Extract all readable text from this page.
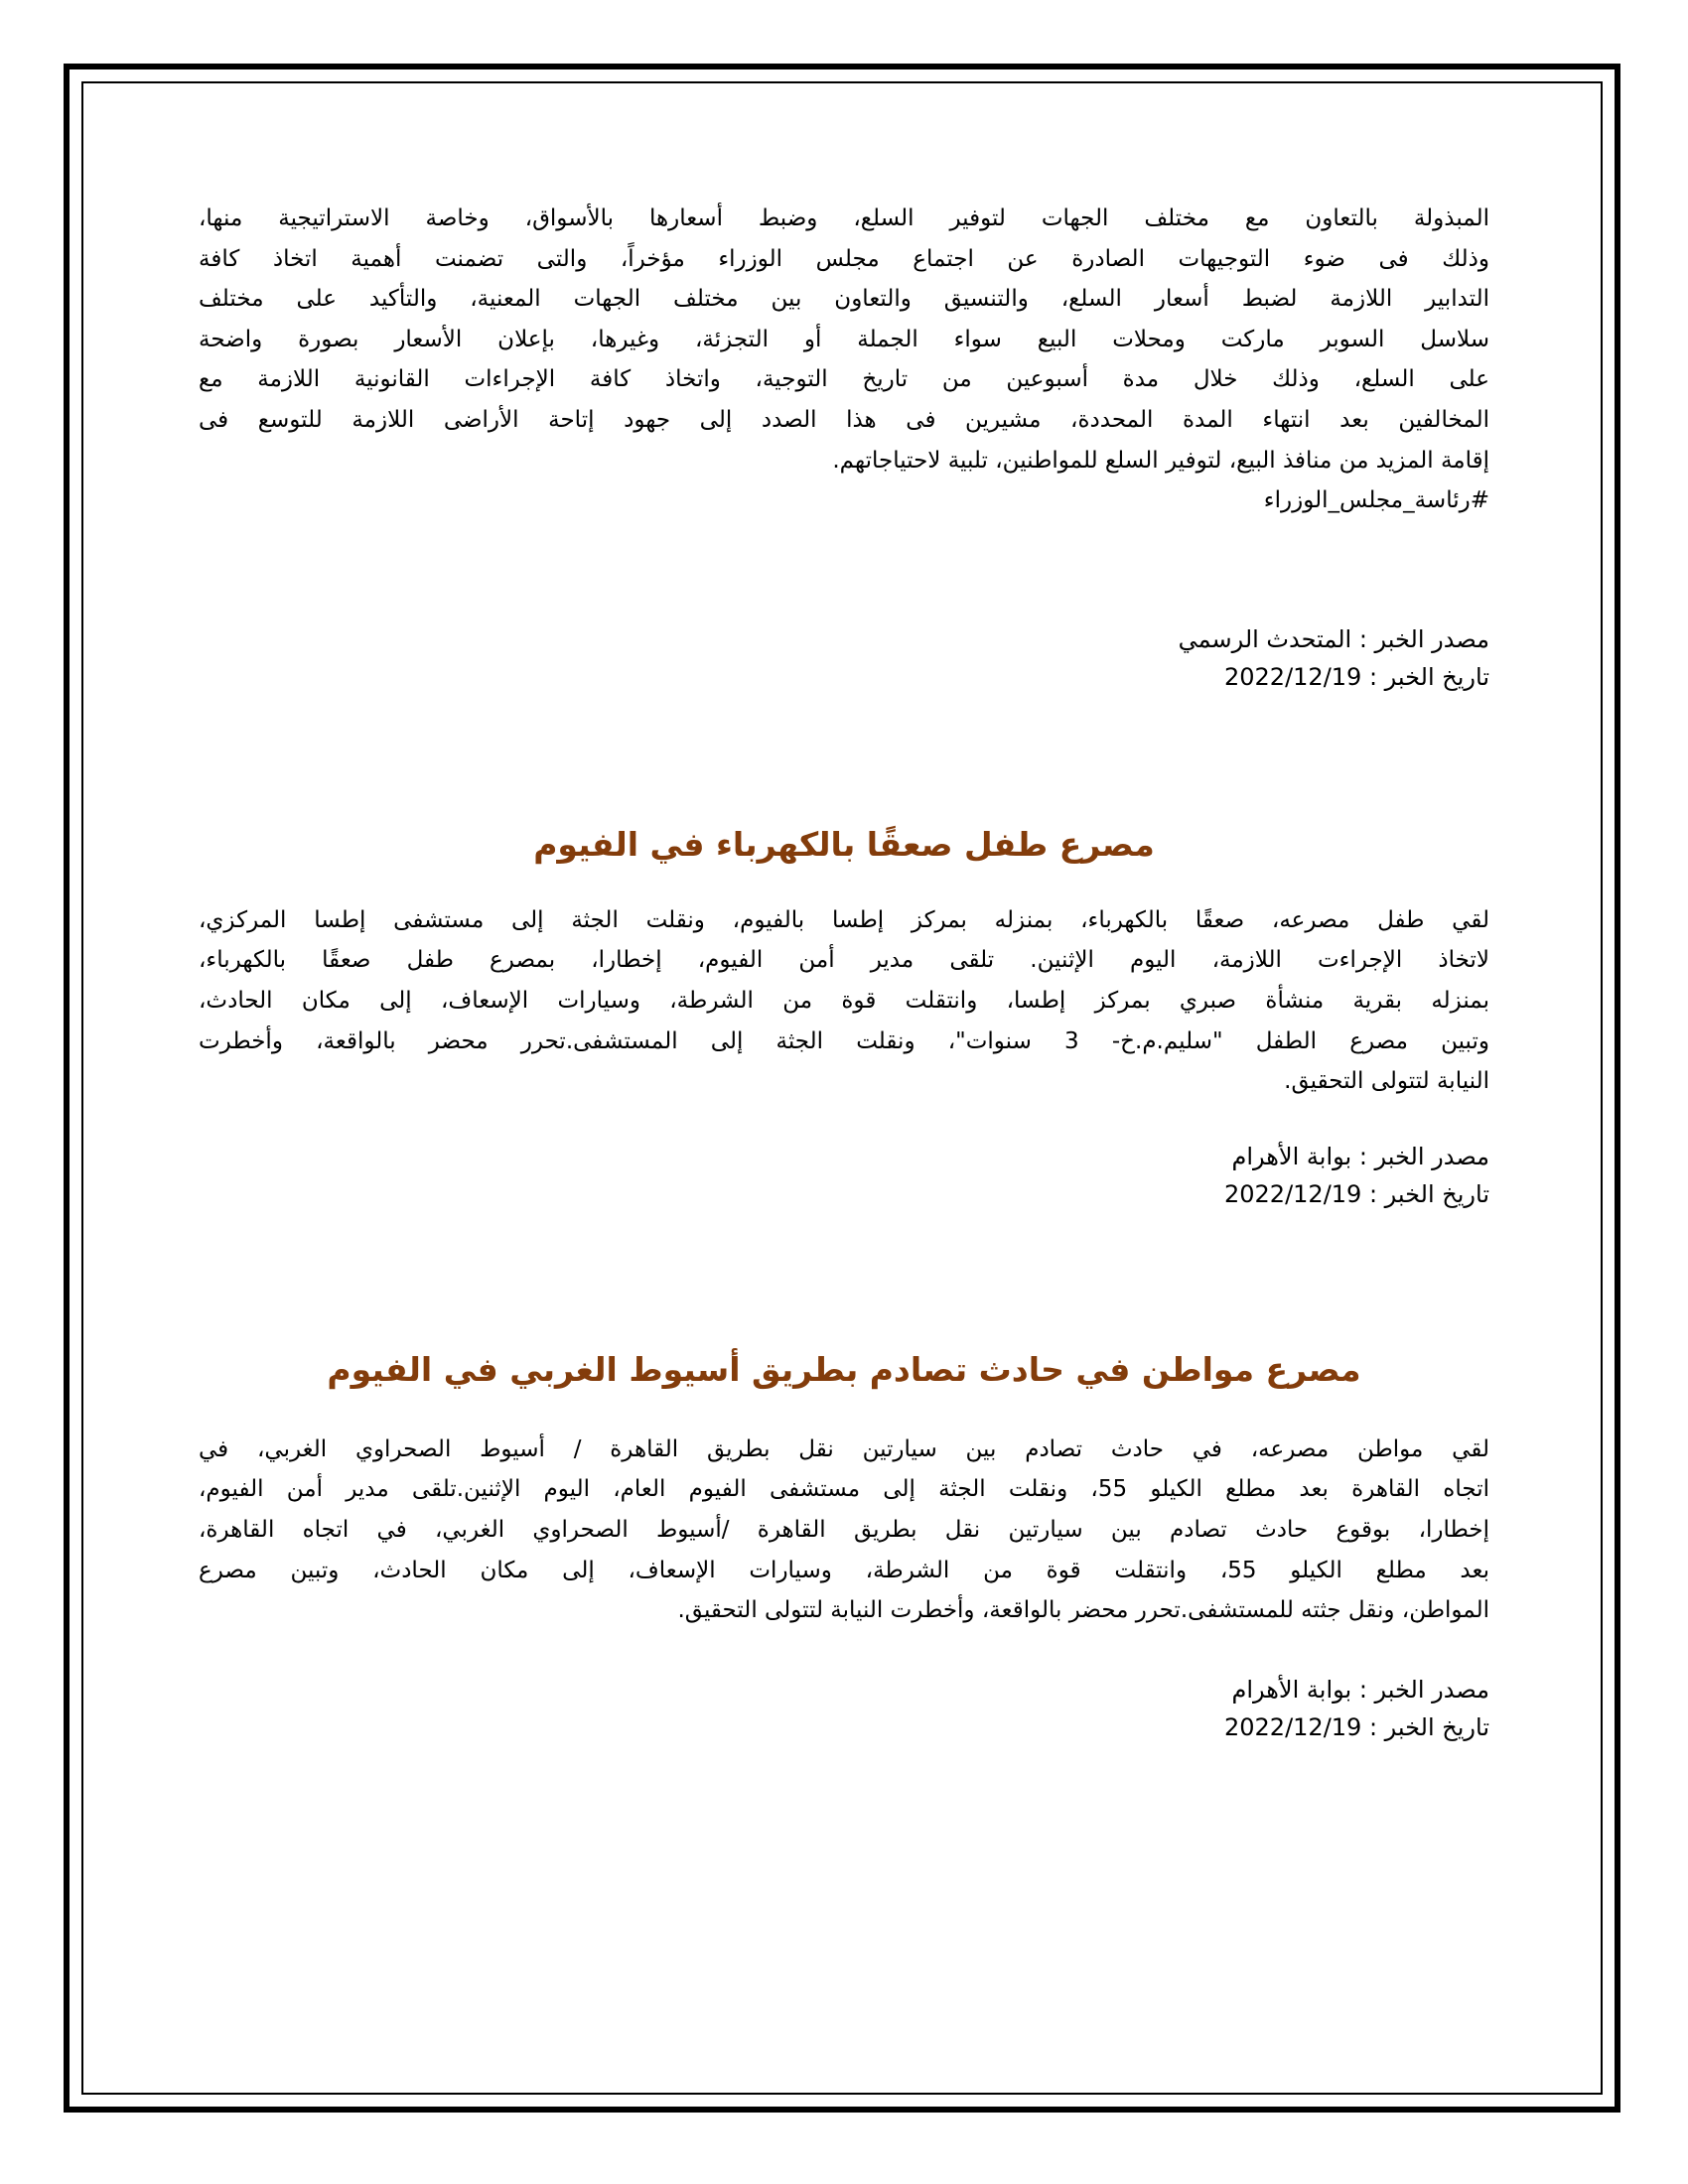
المبذولة بالتعاون مع مختلف الجهات لتوفير السلع، وضبط أسعارها بالأسواق، وخاصة الاستراتيجية منها،
وذلك فى ضوء التوجيهات الصادرة عن اجتماع مجلس الوزراء مؤخراً، والتى تضمنت أهمية اتخاذ كافة
التدابير اللازمة لضبط أسعار السلع، والتنسيق والتعاون بين مختلف الجهات المعنية، والتأكيد على مختلف
سلاسل السوبر ماركت ومحلات البيع سواء الجملة أو التجزئة، وغيرها، بإعلان الأسعار بصورة واضحة
على السلع، وذلك خلال مدة أسبوعين من تاريخ التوجية، واتخاذ كافة الإجراءات القانونية اللازمة مع
المخالفين بعد انتهاء المدة المحددة، مشيرين فى هذا الصدد إلى جهود إتاحة الأراضى اللازمة للتوسع فى
إقامة المزيد من منافذ البيع، لتوفير السلع للمواطنين، تلبية لاحتياجاتهم.
#رئاسة_مجلس_الوزراء
مصدر الخبر : المتحدث الرسمي
تاريخ الخبر : 2022/12/19
مصرع طفل صعقًا بالكهرباء في الفيوم
لقي طفل مصرعه، صعقًا بالكهرباء، بمنزله بمركز إطسا بالفيوم، ونقلت الجثة إلى مستشفى إطسا المركزي،
لاتخاذ الإجراءت اللازمة، اليوم الإثنين. تلقى مدير أمن الفيوم، إخطارا، بمصرع طفل صعقًا بالكهرباء،
بمنزله بقرية منشأة صبري بمركز إطسا، وانتقلت قوة من الشرطة، وسيارات الإسعاف، إلى مكان الحادث،
وتبين مصرع الطفل "سليم.م.خ- 3 سنوات"، ونقلت الجثة إلى المستشفى.تحرر محضر بالواقعة، وأخطرت
النيابة لتتولى التحقيق.
مصدر الخبر : بوابة الأهرام
تاريخ الخبر : 2022/12/19
مصرع مواطن في حادث تصادم بطريق أسيوط الغربي في الفيوم
لقي مواطن مصرعه، في حادث تصادم بين سيارتين نقل بطريق القاهرة / أسيوط الصحراوي الغربي، في
اتجاه القاهرة بعد مطلع الكيلو 55، ونقلت الجثة إلى مستشفى الفيوم العام، اليوم الإثنين.تلقى مدير أمن الفيوم،
إخطارا، بوقوع حادث تصادم بين سيارتين نقل بطريق القاهرة /أسيوط الصحراوي الغربي، في اتجاه القاهرة،
بعد مطلع الكيلو 55، وانتقلت قوة من الشرطة، وسيارات الإسعاف، إلى مكان الحادث، وتبين مصرع
المواطن، ونقل جثته للمستشفى.تحرر محضر بالواقعة، وأخطرت النيابة لتتولى التحقيق.
مصدر الخبر : بوابة الأهرام
تاريخ الخبر : 2022/12/19
